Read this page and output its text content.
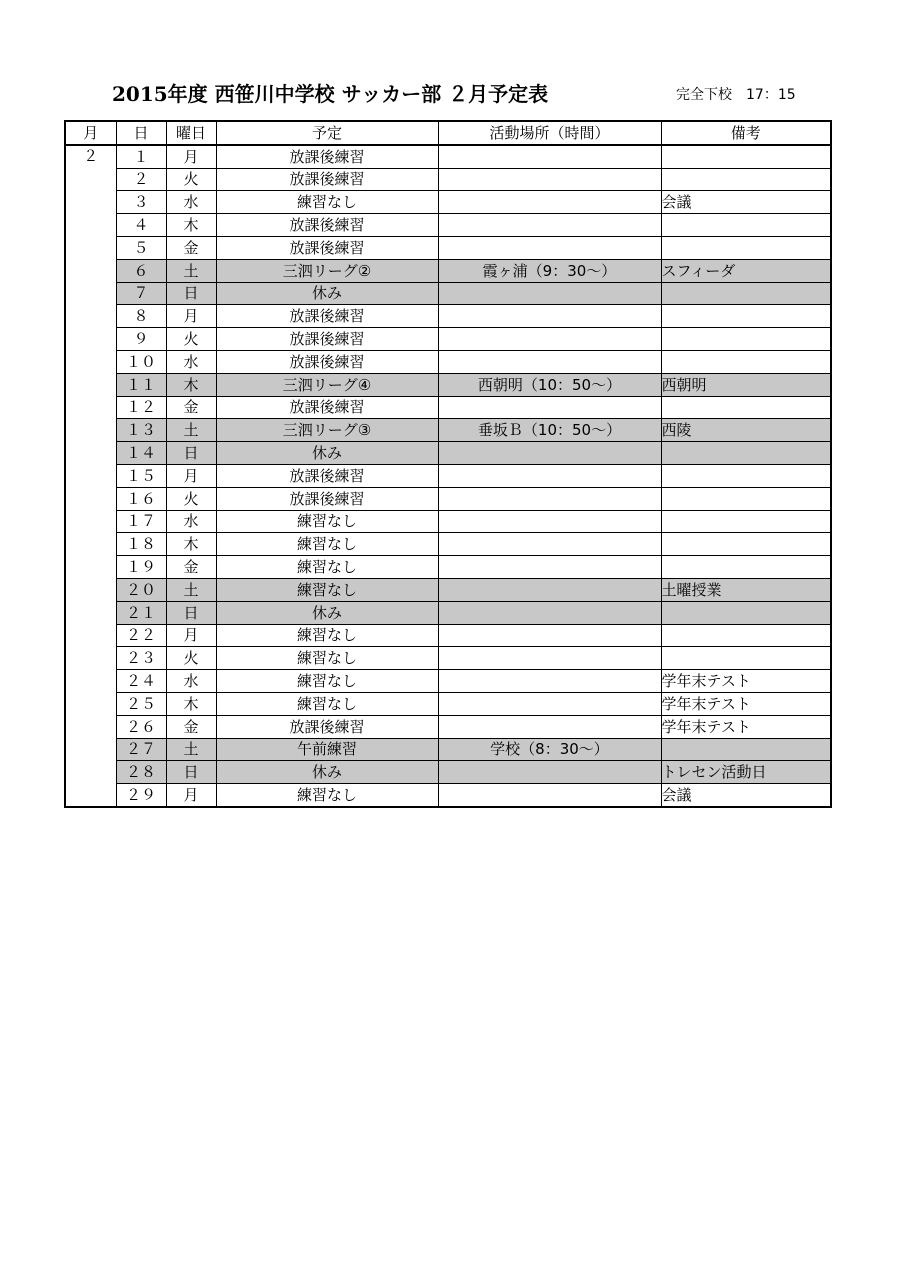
2015年度 西笹川中学校 サッカー部 ２月予定表	完全下校　17：15
月	日	曜日	予定	活動場所（時間）	備考
２	１	月	放課後練習		
	２	火	放課後練習		
	３	水	練習なし		会議
	４	木	放課後練習		
	５	金	放課後練習		
	６	土	三泗リーグ②	霞ヶ浦（9：30～）	スフィーダ
	７	日	休み		
	８	月	放課後練習		
	９	火	放課後練習		
	１０	水	放課後練習		
	１１	木	三泗リーグ④	西朝明（10：50～）	西朝明
	１２	金	放課後練習		
	１３	土	三泗リーグ③	垂坂Ｂ（10：50～）	西陵
	１４	日	休み		
	１５	月	放課後練習		
	１６	火	放課後練習		
	１７	水	練習なし		
	１８	木	練習なし		
	１９	金	練習なし		
	２０	土	練習なし		土曜授業
	２１	日	休み		
	２２	月	練習なし		
	２３	火	練習なし		
	２４	水	練習なし		学年末テスト
	２５	木	練習なし		学年末テスト
	２６	金	放課後練習		学年末テスト
	２７	土	午前練習	学校（8：30～）	
	２８	日	休み		トレセン活動日
	２９	月	練習なし		会議
